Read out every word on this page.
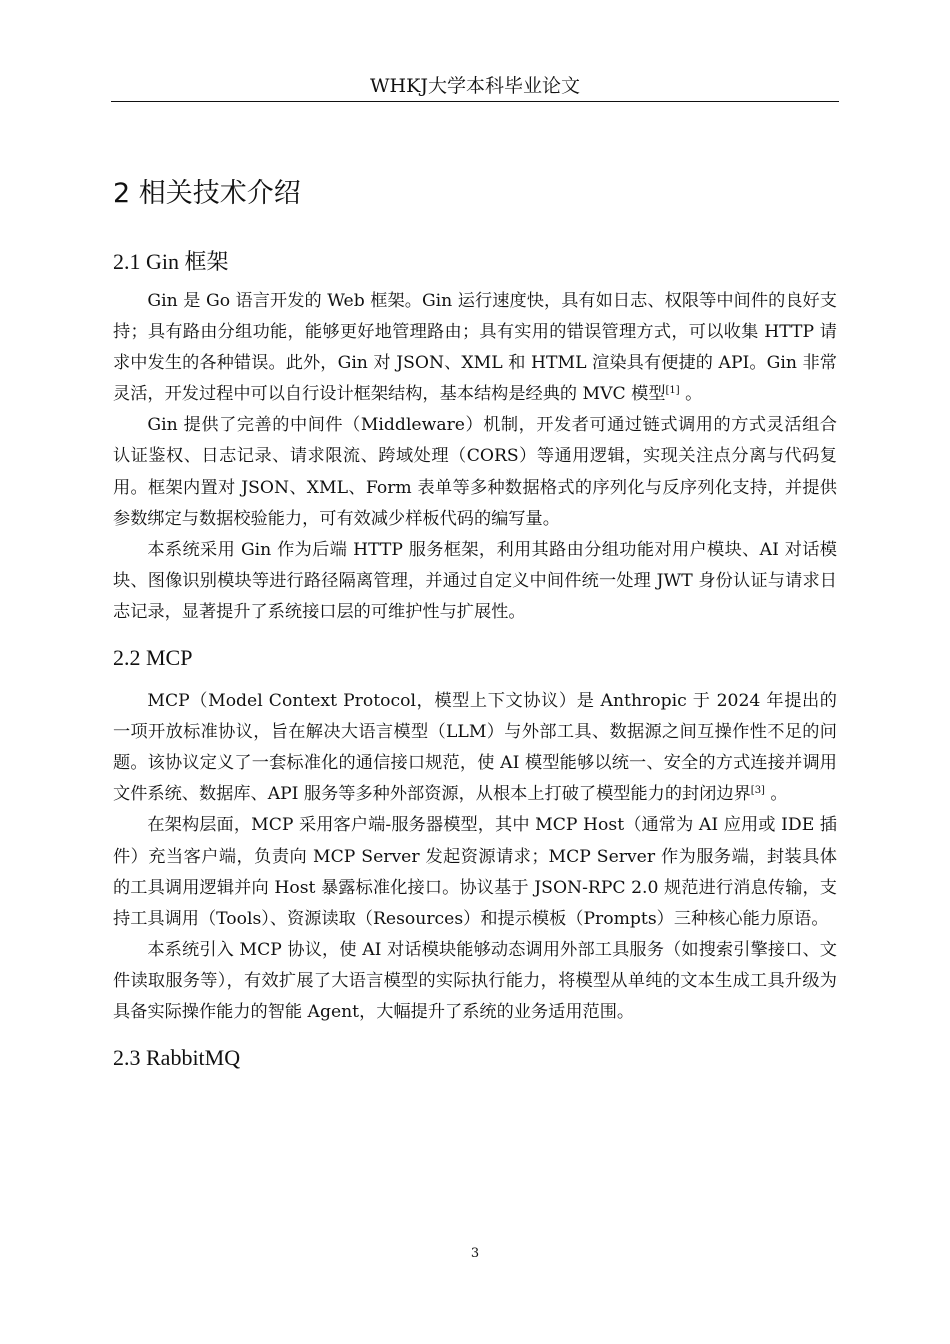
WHKJ大学本科毕业论文
2 相关技术介绍
2.1 Gin 框架

Gin 是 Go 语言开发的 Web 框架。Gin 运行速度快，具有如日志、权限等中间件的良好支持；具有路由分组功能，能够更好地管理路由；具有实用的错误管理方式，可以收集 HTTP 请求中发生的各种错误。此外，Gin 对 JSON、XML 和 HTML 渲染具有便捷的 API。Gin 非常灵活，开发过程中可以自行设计框架结构，基本结构是经典的 MVC 模型[1] 。

Gin 提供了完善的中间件（Middleware）机制，开发者可通过链式调用的方式灵活组合认证鉴权、日志记录、请求限流、跨域处理（CORS）等通用逻辑，实现关注点分离与代码复用。框架内置对 JSON、XML、Form 表单等多种数据格式的序列化与反序列化支持，并提供参数绑定与数据校验能力，可有效减少样板代码的编写量。

本系统采用 Gin 作为后端 HTTP 服务框架，利用其路由分组功能对用户模块、AI 对话模块、图像识别模块等进行路径隔离管理，并通过自定义中间件统一处理 JWT 身份认证与请求日志记录，显著提升了系统接口层的可维护性与扩展性。

2.2 MCP

MCP（Model Context Protocol，模型上下文协议）是 Anthropic 于 2024 年提出的一项开放标准协议，旨在解决大语言模型（LLM）与外部工具、数据源之间互操作性不足的问题。该协议定义了一套标准化的通信接口规范，使 AI 模型能够以统一、安全的方式连接并调用文件系统、数据库、API 服务等多种外部资源，从根本上打破了模型能力的封闭边界[3] 。

在架构层面，MCP 采用客户端-服务器模型，其中 MCP Host（通常为 AI 应用或 IDE 插件）充当客户端，负责向 MCP Server 发起资源请求；MCP Server 作为服务端，封装具体的工具调用逻辑并向 Host 暴露标准化接口。协议基于 JSON-RPC 2.0 规范进行消息传输，支持工具调用（Tools）、资源读取（Resources）和提示模板（Prompts）三种核心能力原语。

本系统引入 MCP 协议，使 AI 对话模块能够动态调用外部工具服务（如搜索引擎接口、文件读取服务等），有效扩展了大语言模型的实际执行能力，将模型从单纯的文本生成工具升级为具备实际操作能力的智能 Agent，大幅提升了系统的业务适用范围。

2.3 RabbitMQ
3
